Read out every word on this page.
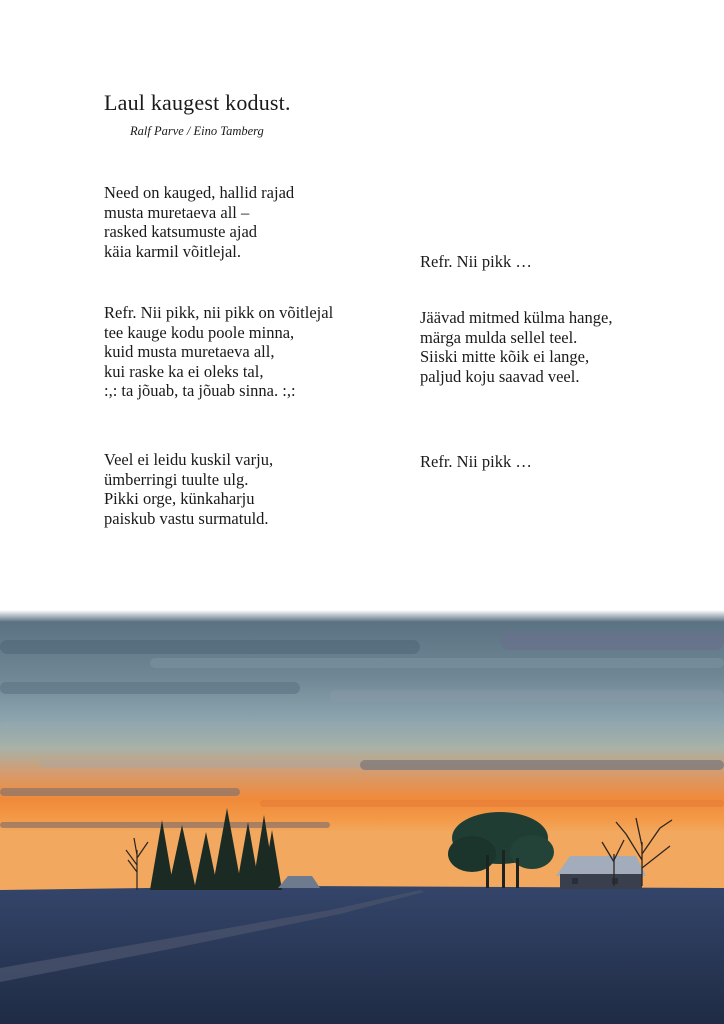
Laul kaugest kodust.

Ralf Parve / Eino Tamberg

Need on kauged, hallid rajad
musta muretaeva all –
rasked katsumuste ajad
käia karmil võitlejal.
Refr. Nii pikk, nii pikk on võitlejal
tee kauge kodu poole minna,
kuid musta muretaeva all,
kui raske ka ei oleks tal,
:,: ta jõuab, ta jõuab sinna. :,:
Veel ei leidu kuskil varju,
ümberringi tuulte ulg.
Pikki orge, künkaharju
paiskub vastu surmatuld.
Refr. Nii pikk …
Jäävad mitmed külma hange,
märga mulda sellel teel.
Siiski mitte kõik ei lange,
paljud koju saavad veel.
Refr. Nii pikk …
